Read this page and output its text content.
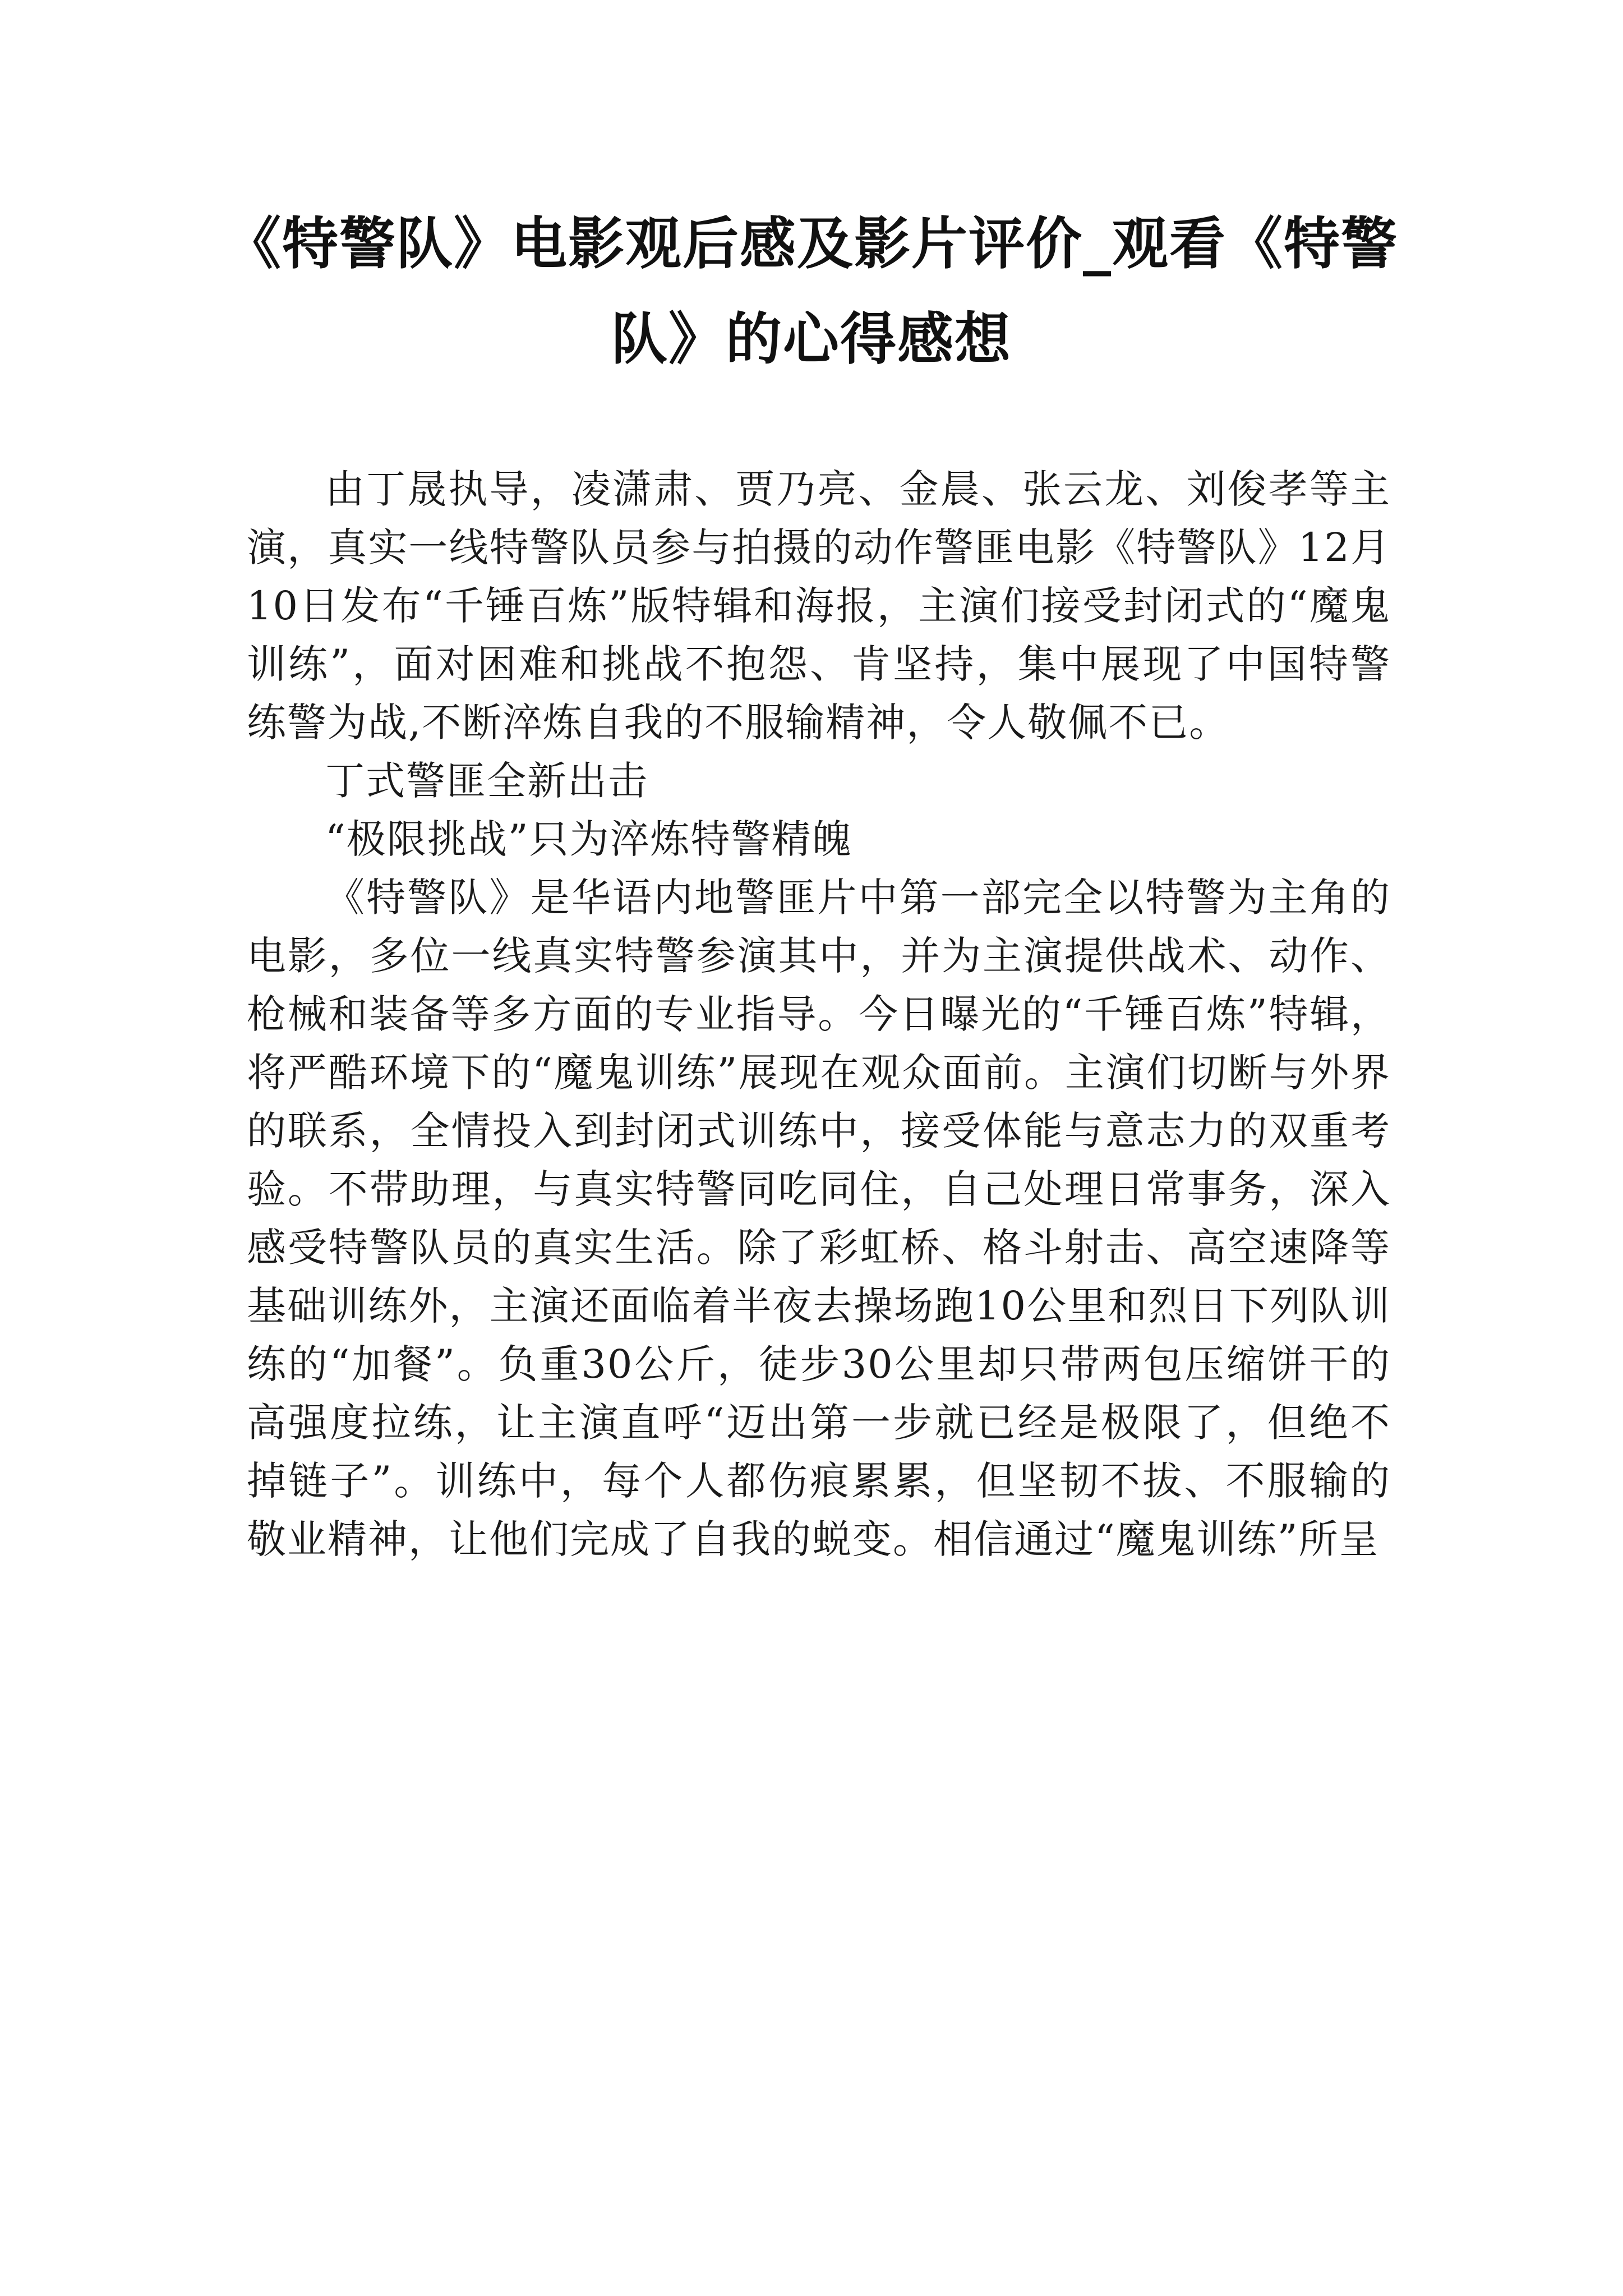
《特警队》电影观后感及影片评价_观看《特警队》的心得感想

由丁晟执导，凌潇肃、贾乃亮、金晨、张云龙、刘俊孝等主演，真实一线特警队员参与拍摄的动作警匪电影《特警队》12月10日发布“千锤百炼”版特辑和海报，主演们接受封闭式的“魔鬼训练”，面对困难和挑战不抱怨、肯坚持，集中展现了中国特警练警为战,不断淬炼自我的不服输精神，令人敬佩不已。

丁式警匪全新出击

“极限挑战”只为淬炼特警精魄

《特警队》是华语内地警匪片中第一部完全以特警为主角的电影，多位一线真实特警参演其中，并为主演提供战术、动作、枪械和装备等多方面的专业指导。今日曝光的“千锤百炼”特辑，将严酷环境下的“魔鬼训练”展现在观众面前。主演们切断与外界的联系，全情投入到封闭式训练中，接受体能与意志力的双重考验。不带助理，与真实特警同吃同住，自己处理日常事务，深入感受特警队员的真实生活。除了彩虹桥、格斗射击、高空速降等基础训练外，主演还面临着半夜去操场跑10公里和烈日下列队训练的“加餐”。负重30公斤，徒步30公里却只带两包压缩饼干的高强度拉练，让主演直呼“迈出第一步就已经是极限了，但绝不掉链子”。训练中，每个人都伤痕累累，但坚韧不拔、不服输的敬业精神，让他们完成了自我的蜕变。相信通过“魔鬼训练”所呈
